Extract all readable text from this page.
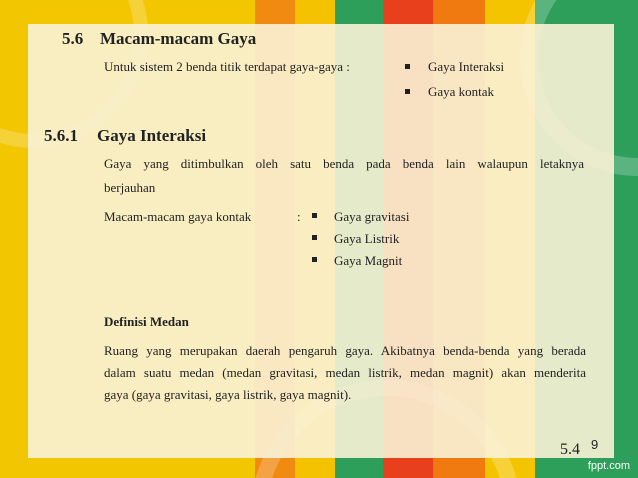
5.6 Macam-macam Gaya
Untuk sistem 2 benda titik terdapat gaya-gaya :	Gaya Interaksi
Gaya kontak
5.6.1 Gaya Interaksi
Gaya yang ditimbulkan oleh satu benda pada benda lain walaupun letaknya
berjauhan
Macam-macam gaya kontak	:	Gaya gravitasi
Gaya Listrik
Gaya Magnit
Definisi Medan
Ruang yang merupakan daerah pengaruh gaya. Akibatnya benda-benda yang berada
dalam suatu medan (medan gravitasi, medan listrik, medan magnit) akan menderita
gaya (gaya gravitasi, gaya listrik, gaya magnit).
5.4 9
fppt.com
